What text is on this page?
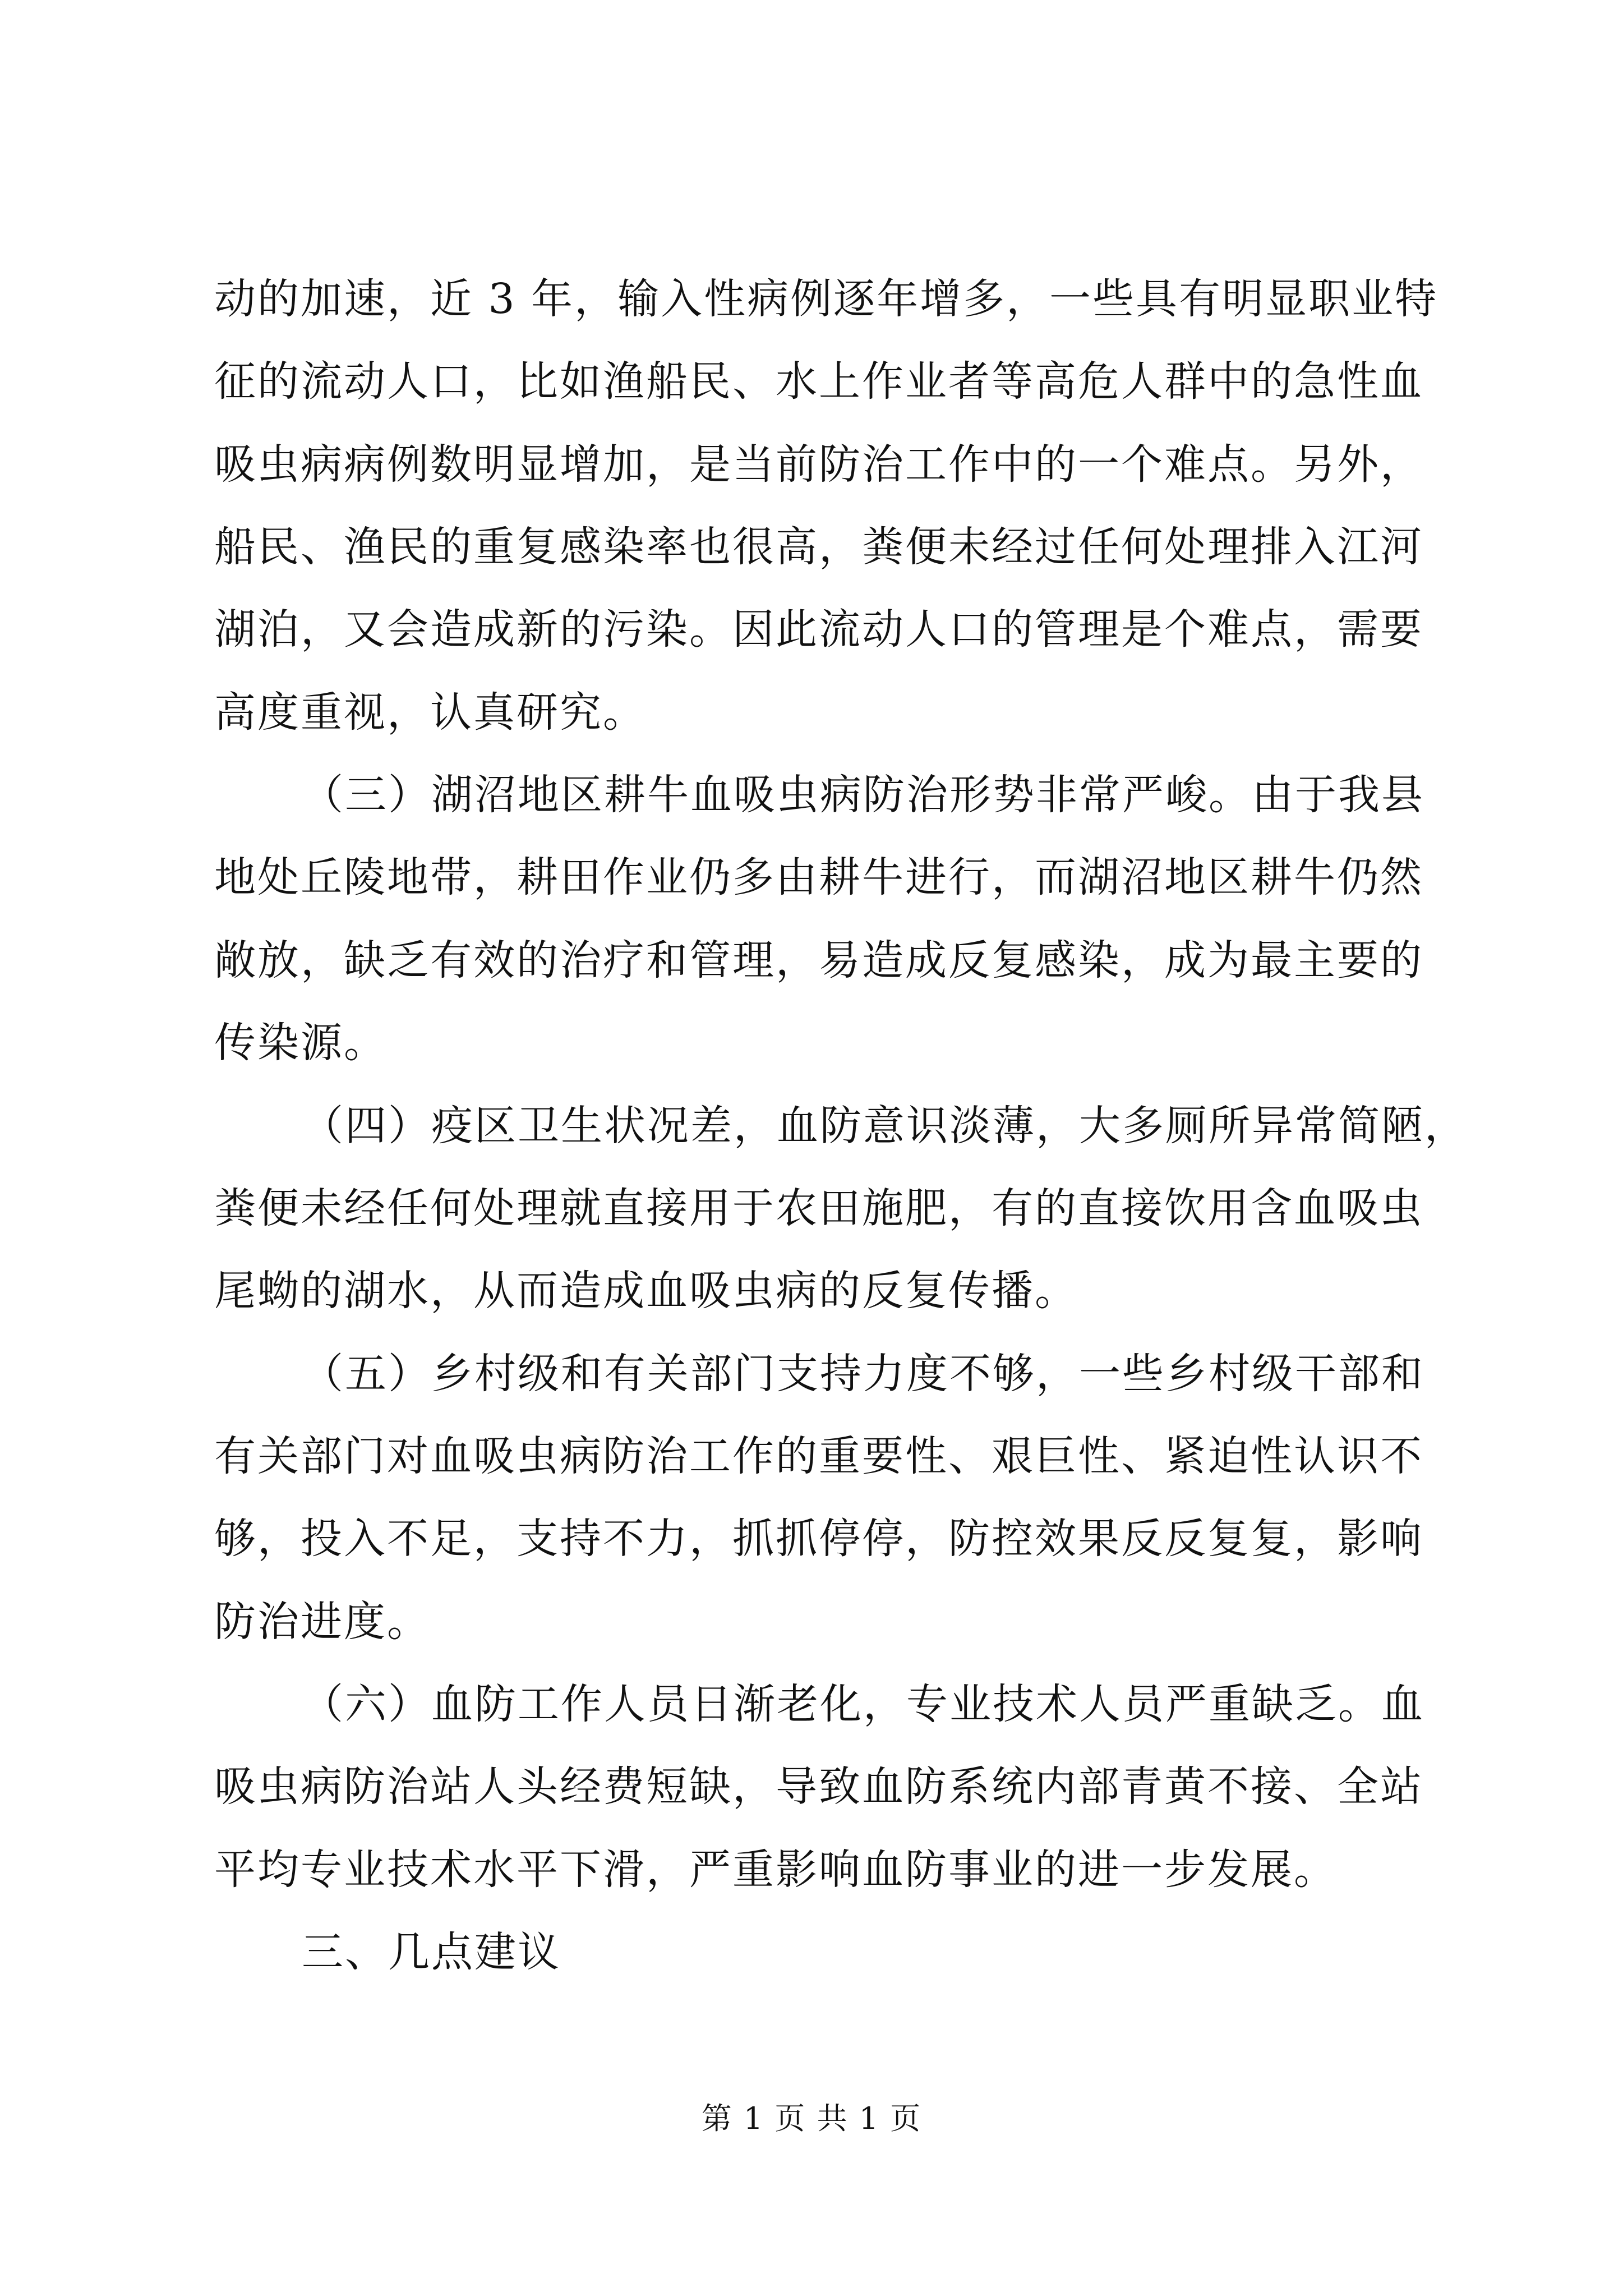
动的加速，近 3 年，输入性病例逐年增多，一些具有明显职业特
征的流动人口，比如渔船民、水上作业者等高危人群中的急性血
吸虫病病例数明显增加，是当前防治工作中的一个难点。另外，
船民、渔民的重复感染率也很高，粪便未经过任何处理排入江河
湖泊，又会造成新的污染。因此流动人口的管理是个难点，需要
高度重视，认真研究。
（三）湖沼地区耕牛血吸虫病防治形势非常严峻。由于我县
地处丘陵地带，耕田作业仍多由耕牛进行，而湖沼地区耕牛仍然
敞放，缺乏有效的治疗和管理，易造成反复感染，成为最主要的
传染源。
（四）疫区卫生状况差，血防意识淡薄，大多厕所异常简陋，
粪便未经任何处理就直接用于农田施肥，有的直接饮用含血吸虫
尾蚴的湖水，从而造成血吸虫病的反复传播。
（五）乡村级和有关部门支持力度不够，一些乡村级干部和
有关部门对血吸虫病防治工作的重要性、艰巨性、紧迫性认识不
够，投入不足，支持不力，抓抓停停，防控效果反反复复，影响
防治进度。
（六）血防工作人员日渐老化，专业技术人员严重缺乏。血
吸虫病防治站人头经费短缺，导致血防系统内部青黄不接、全站
平均专业技术水平下滑，严重影响血防事业的进一步发展。
第 1 页 共 1 页
三、几点建议
